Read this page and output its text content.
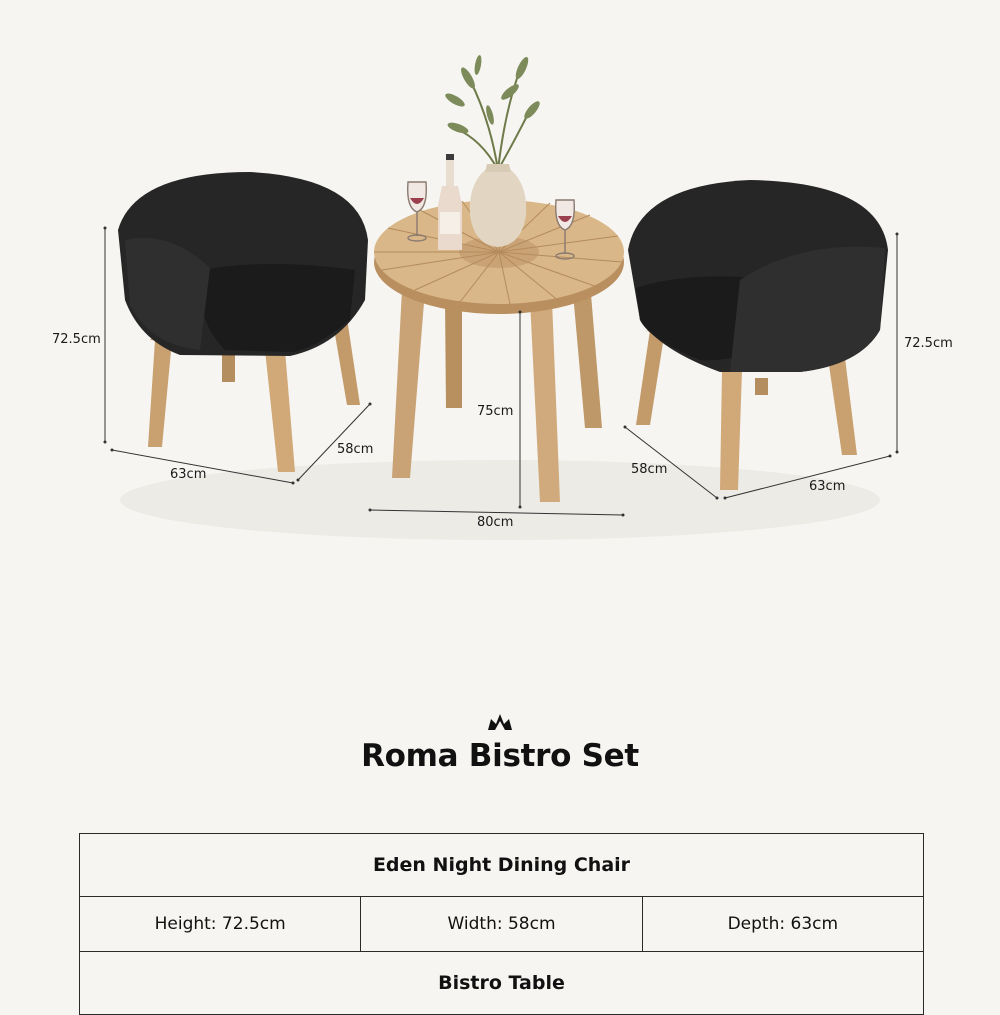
72.5cm
63cm
58cm
75cm
80cm
58cm
63cm
72.5cm
Roma Bistro Set
Eden Night Dining Chair
Height: 72.5cm	Width: 58cm	Depth: 63cm
Bistro Table
